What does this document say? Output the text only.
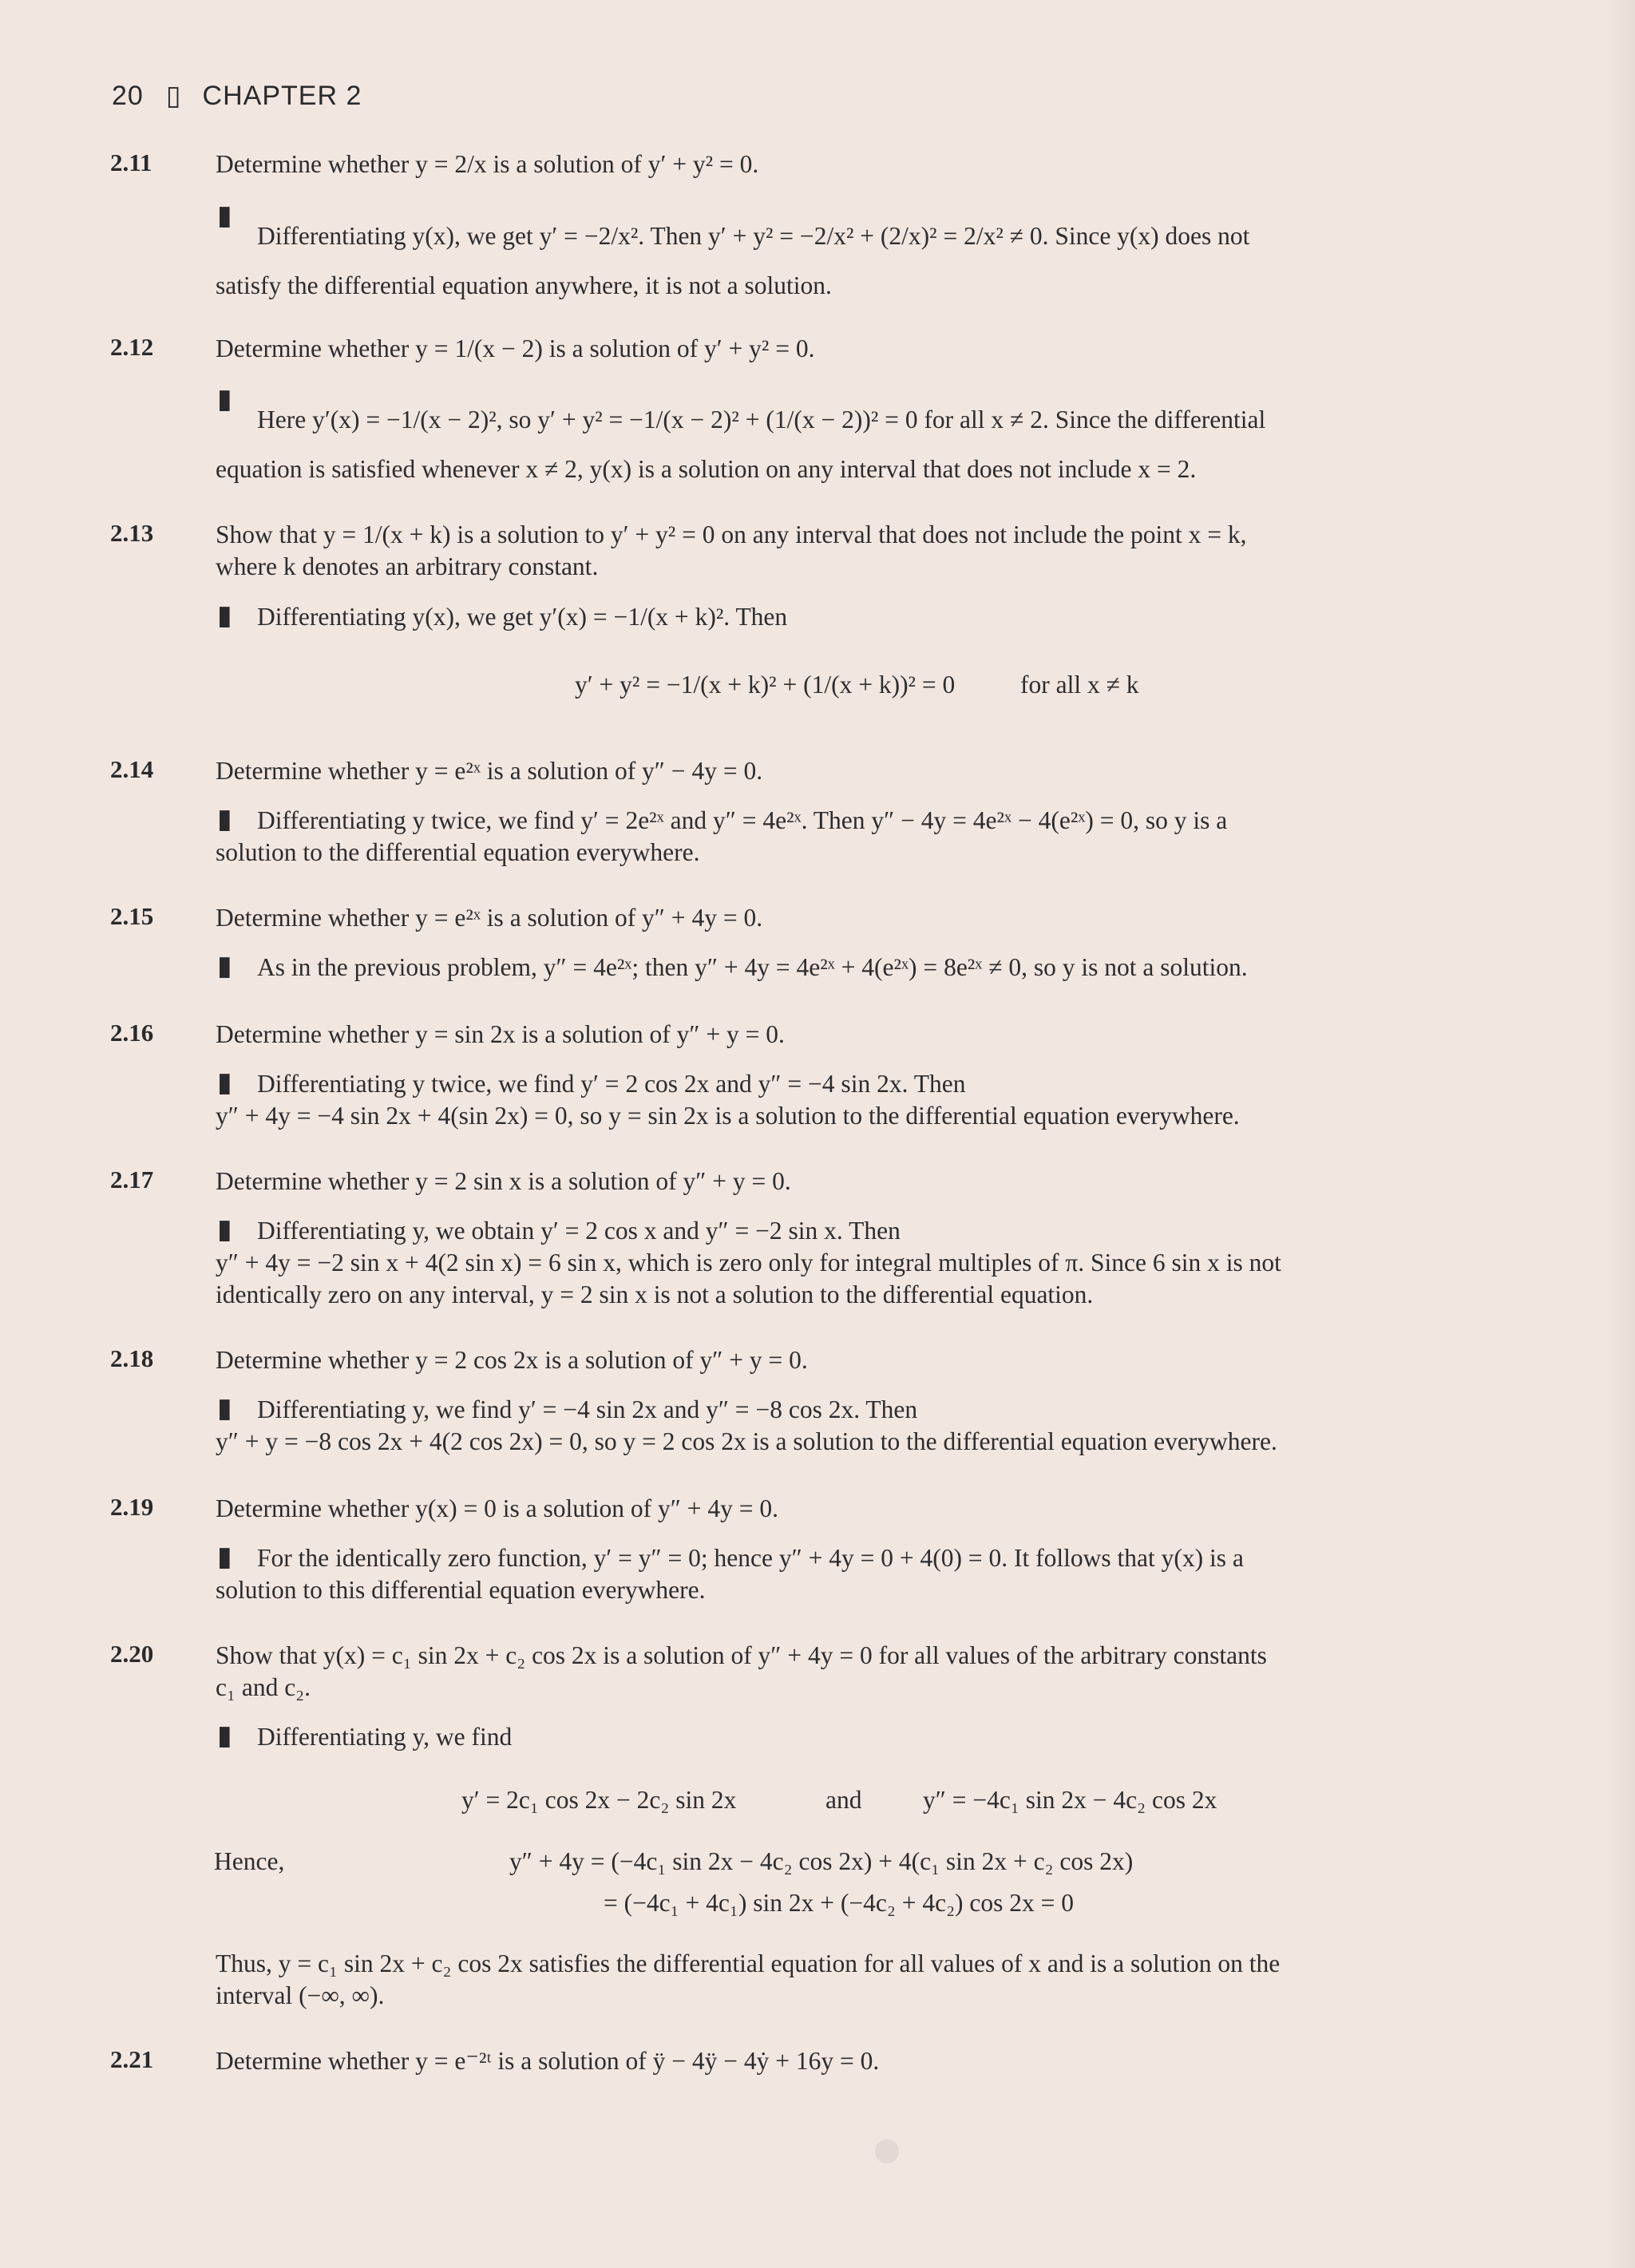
20 ▯ CHAPTER 2
2.11	Determine whether y = 2/x is a solution of y′ + y² = 0.
▮
Differentiating y(x), we get y′ = −2/x². Then y′ + y² = −2/x² + (2/x)² = 2/x² ≠ 0. Since y(x) does not
satisfy the differential equation anywhere, it is not a solution.
2.12	Determine whether y = 1/(x − 2) is a solution of y′ + y² = 0.
▮
Here y′(x) = −1/(x − 2)², so y′ + y² = −1/(x − 2)² + (1/(x − 2))² = 0 for all x ≠ 2. Since the differential
equation is satisfied whenever x ≠ 2, y(x) is a solution on any interval that does not include x = 2.
2.13	Show that y = 1/(x + k) is a solution to y′ + y² = 0 on any interval that does not include the point x = k,
where k denotes an arbitrary constant.
▮ Differentiating y(x), we get y′(x) = −1/(x + k)². Then
y′ + y² = −1/(x + k)² + (1/(x + k))² = 0	for all x ≠ k
2.14	Determine whether y = e²ˣ is a solution of y″ − 4y = 0.
▮ Differentiating y twice, we find y′ = 2e²ˣ and y″ = 4e²ˣ. Then y″ − 4y = 4e²ˣ − 4(e²ˣ) = 0, so y is a
solution to the differential equation everywhere.
2.15	Determine whether y = e²ˣ is a solution of y″ + 4y = 0.
▮ As in the previous problem, y″ = 4e²ˣ; then y″ + 4y = 4e²ˣ + 4(e²ˣ) = 8e²ˣ ≠ 0, so y is not a solution.
2.16	Determine whether y = sin 2x is a solution of y″ + y = 0.
▮ Differentiating y twice, we find y′ = 2 cos 2x and y″ = −4 sin 2x. Then
y″ + 4y = −4 sin 2x + 4(sin 2x) = 0, so y = sin 2x is a solution to the differential equation everywhere.
2.17	Determine whether y = 2 sin x is a solution of y″ + y = 0.
▮ Differentiating y, we obtain y′ = 2 cos x and y″ = −2 sin x. Then
y″ + 4y = −2 sin x + 4(2 sin x) = 6 sin x, which is zero only for integral multiples of π. Since 6 sin x is not
identically zero on any interval, y = 2 sin x is not a solution to the differential equation.
2.18	Determine whether y = 2 cos 2x is a solution of y″ + y = 0.
▮ Differentiating y, we find y′ = −4 sin 2x and y″ = −8 cos 2x. Then
y″ + y = −8 cos 2x + 4(2 cos 2x) = 0, so y = 2 cos 2x is a solution to the differential equation everywhere.
2.19	Determine whether y(x) = 0 is a solution of y″ + 4y = 0.
▮ For the identically zero function, y′ = y″ = 0; hence y″ + 4y = 0 + 4(0) = 0. It follows that y(x) is a
solution to this differential equation everywhere.
2.20	Show that y(x) = c₁ sin 2x + c₂ cos 2x is a solution of y″ + 4y = 0 for all values of the arbitrary constants
c₁ and c₂.
▮ Differentiating y, we find
y′ = 2c₁ cos 2x − 2c₂ sin 2x	and y″ = −4c₁ sin 2x − 4c₂ cos 2x
Hence,	y″ + 4y = (−4c₁ sin 2x − 4c₂ cos 2x) + 4(c₁ sin 2x + c₂ cos 2x)
= (−4c₁ + 4c₁) sin 2x + (−4c₂ + 4c₂) cos 2x = 0
Thus, y = c₁ sin 2x + c₂ cos 2x satisfies the differential equation for all values of x and is a solution on the
interval (−∞, ∞).
2.21	Determine whether y = e⁻²ᵗ is a solution of ÿ − 4ÿ − 4ẏ + 16y = 0.
